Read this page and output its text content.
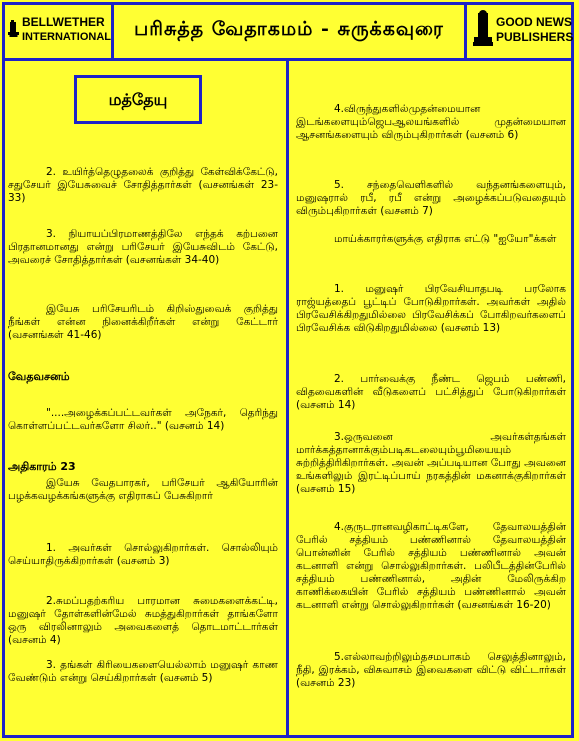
BELLWETHER
INTERNATIONAL	பரிசுத்த வேதாகமம் - சுருக்கவுரை	GOOD NEWS
PUBLISHERS
மத்தேயு
2. உயிர்த்தெழுதலைக் குறித்து கேள்விக்கேட்டு, சதுசேயர் இயேசுவைச் சோதித்தார்கள் (வசனங்கள் 23-33)
3. நியாயப்பிரமாணத்திலே எந்தக் கற்பனை பிரதானமானது என்று பரிசேயர் இயேசுவிடம் கேட்டு, அவரைச் சோதித்தார்கள் (வசனங்கள் 34-40)
இயேசு பரிசேயரிடம் கிறிஸ்துவைக் குறித்து நீங்கள் என்ன நினைக்கிறீர்கள் என்று கேட்டார் (வசனங்கள் 41-46)
வேதவசனம்
"....அழைக்கப்பட்டவர்கள் அநேகர், தெரிந்து கொள்ளப்பட்டவர்களோ சிலர்.." (வசனம் 14)
அதிகாரம் 23
இயேசு வேதபாரகர், பரிசேயர் ஆகியோரின் பழக்கவழக்கங்களுக்கு எதிராகப் பேசுகிறார்
1. அவர்கள் சொல்லுகிறார்கள். சொல்லியும் செய்யாதிருக்கிறார்கள் (வசனம் 3)
2.சுமப்பதற்கரிய பாரமான சுமைகளைக்கட்டி, மனுஷர் தோள்களின்மேல் சுமத்துகிறார்கள் தாங்களோ ஒரு விரலினாலும் அவைகளைத் தொடமாட்டார்கள் (வசனம் 4)
3. தங்கள் கிரியைகளையெல்லாம் மனுஷர் காண வேண்டும் என்று செய்கிறார்கள் (வசனம் 5)
4.விருந்துகளில்முதன்மையான இடங்களையும்ஜெபஆலயங்களில் முதன்மையான ஆசனங்களையும் விரும்புகிறார்கள் (வசனம் 6)
5. சந்தைவெளிகளில் வந்தனங்களையும், மனுஷரால் ரபீ, ரபீ என்று அழைக்கப்படுவதையும் விரும்புகிறார்கள் (வசனம் 7)
மாய்க்காரர்களுக்கு எதிராக எட்டு "ஐயோ"க்கள்
1. மனுஷர் பிரவேசியாதபடி பரலோக ராஜ்யத்தைப் பூட்டிப் போடுகிறார்கள். அவர்கள் அதில் பிரவேசிக்கிறதுமில்லை பிரவேசிக்கப் போகிறவர்களைப் பிரவேசிக்க விடுகிறதுமில்லை (வசனம் 13)
2. பார்வைக்கு நீண்ட ஜெபம் பண்ணி, விதவைகளின் வீடுகளைப் பட்சித்துப் போடுகிறார்கள் (வசனம் 14)
3.ஒருவனை அவர்கள்தங்கள் மார்க்கத்தானாக்கும்படிகடலையும்பூமியையும் சுற்றித்திரிகிறார்கள். அவன் அப்படியான போது அவனை உங்களிலும் இரட்டிப்பாய் நரகத்தின் மகனாக்குகிறார்கள் (வசனம் 15)
4.குருடரானவழிகாட்டிகளே, தேவாலயத்தின் பேரில் சத்தியம் பண்ணினால் தேவாலயத்தின் பொன்னின் பேரில் சத்தியம் பண்ணினால் அவன் கடனாளி என்று சொல்லுகிறார்கள். பலிபீடத்தின்பேரில் சத்தியம் பண்ணினால், அதின் மேலிருக்கிற காணிக்கையின் பேரில் சத்தியம் பண்ணினால் அவன் கடனாளி என்று சொல்லுகிறார்கள் (வசனங்கள் 16-20)
5.எல்லாவற்றிலும்தசமபாகம் செலுத்தினாலும், நீதி, இரக்கம், விசுவாசம் இவைகளை விட்டு விட்டார்கள் (வசனம் 23)
